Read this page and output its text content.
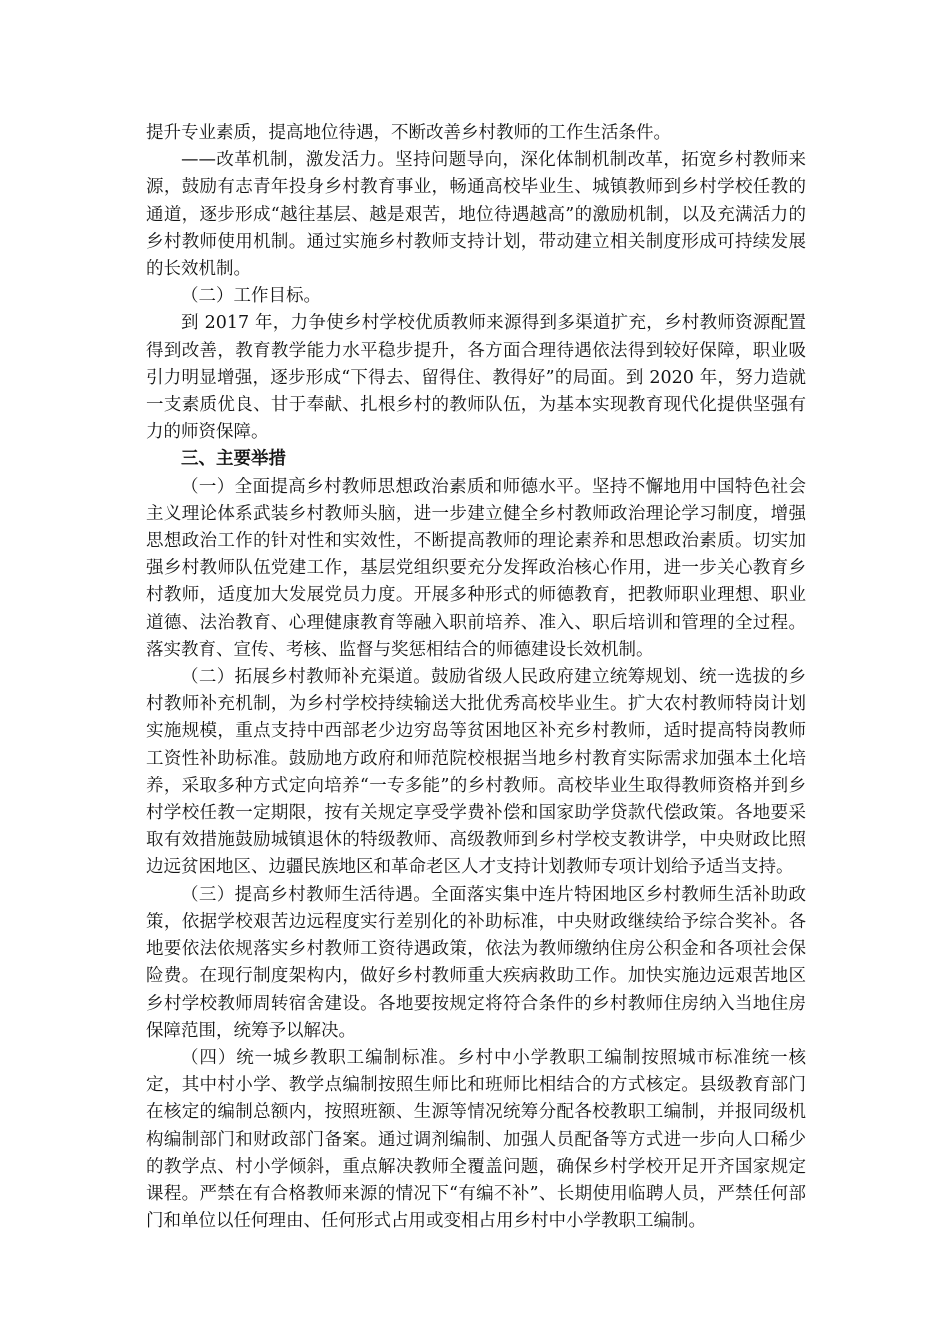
提升专业素质，提高地位待遇，不断改善乡村教师的工作生活条件。

——改革机制，激发活力。坚持问题导向，深化体制机制改革，拓宽乡村教师来源，鼓励有志青年投身乡村教育事业，畅通高校毕业生、城镇教师到乡村学校任教的通道，逐步形成“越往基层、越是艰苦，地位待遇越高”的激励机制，以及充满活力的乡村教师使用机制。通过实施乡村教师支持计划，带动建立相关制度形成可持续发展的长效机制。

（二）工作目标。

到 2017 年，力争使乡村学校优质教师来源得到多渠道扩充，乡村教师资源配置得到改善，教育教学能力水平稳步提升，各方面合理待遇依法得到较好保障，职业吸引力明显增强，逐步形成“下得去、留得住、教得好”的局面。到 2020 年，努力造就一支素质优良、甘于奉献、扎根乡村的教师队伍，为基本实现教育现代化提供坚强有力的师资保障。

三、主要举措

（一）全面提高乡村教师思想政治素质和师德水平。坚持不懈地用中国特色社会主义理论体系武装乡村教师头脑，进一步建立健全乡村教师政治理论学习制度，增强思想政治工作的针对性和实效性，不断提高教师的理论素养和思想政治素质。切实加强乡村教师队伍党建工作，基层党组织要充分发挥政治核心作用，进一步关心教育乡村教师，适度加大发展党员力度。开展多种形式的师德教育，把教师职业理想、职业道德、法治教育、心理健康教育等融入职前培养、准入、职后培训和管理的全过程。落实教育、宣传、考核、监督与奖惩相结合的师德建设长效机制。

（二）拓展乡村教师补充渠道。鼓励省级人民政府建立统筹规划、统一选拔的乡村教师补充机制，为乡村学校持续输送大批优秀高校毕业生。扩大农村教师特岗计划实施规模，重点支持中西部老少边穷岛等贫困地区补充乡村教师，适时提高特岗教师工资性补助标准。鼓励地方政府和师范院校根据当地乡村教育实际需求加强本土化培养，采取多种方式定向培养“一专多能”的乡村教师。高校毕业生取得教师资格并到乡村学校任教一定期限，按有关规定享受学费补偿和国家助学贷款代偿政策。各地要采取有效措施鼓励城镇退休的特级教师、高级教师到乡村学校支教讲学，中央财政比照边远贫困地区、边疆民族地区和革命老区人才支持计划教师专项计划给予适当支持。

（三）提高乡村教师生活待遇。全面落实集中连片特困地区乡村教师生活补助政策，依据学校艰苦边远程度实行差别化的补助标准，中央财政继续给予综合奖补。各地要依法依规落实乡村教师工资待遇政策，依法为教师缴纳住房公积金和各项社会保险费。在现行制度架构内，做好乡村教师重大疾病救助工作。加快实施边远艰苦地区乡村学校教师周转宿舍建设。各地要按规定将符合条件的乡村教师住房纳入当地住房保障范围，统筹予以解决。

（四）统一城乡教职工编制标准。乡村中小学教职工编制按照城市标准统一核定，其中村小学、教学点编制按照生师比和班师比相结合的方式核定。县级教育部门在核定的编制总额内，按照班额、生源等情况统筹分配各校教职工编制，并报同级机构编制部门和财政部门备案。通过调剂编制、加强人员配备等方式进一步向人口稀少的教学点、村小学倾斜，重点解决教师全覆盖问题，确保乡村学校开足开齐国家规定课程。严禁在有合格教师来源的情况下“有编不补”、长期使用临聘人员，严禁任何部门和单位以任何理由、任何形式占用或变相占用乡村中小学教职工编制。
